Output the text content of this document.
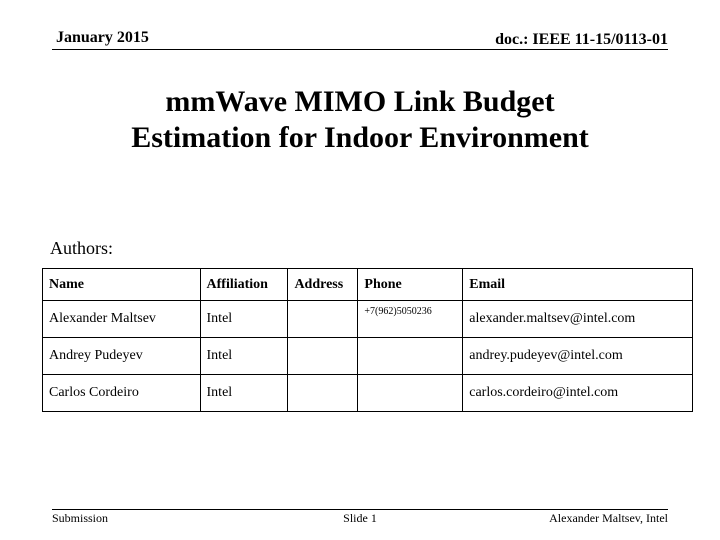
January 2015	doc.: IEEE 11-15/0113-01
mmWave MIMO Link Budget
Estimation for Indoor Environment
Authors:
Name	Affiliation	Address	Phone	Email
Alexander Maltsev	Intel		+7(962)5050236	alexander.maltsev@intel.com
Andrey Pudeyev	Intel			andrey.pudeyev@intel.com
Carlos Cordeiro	Intel			carlos.cordeiro@intel.com
Submission	Slide 1	Alexander Maltsev, Intel
